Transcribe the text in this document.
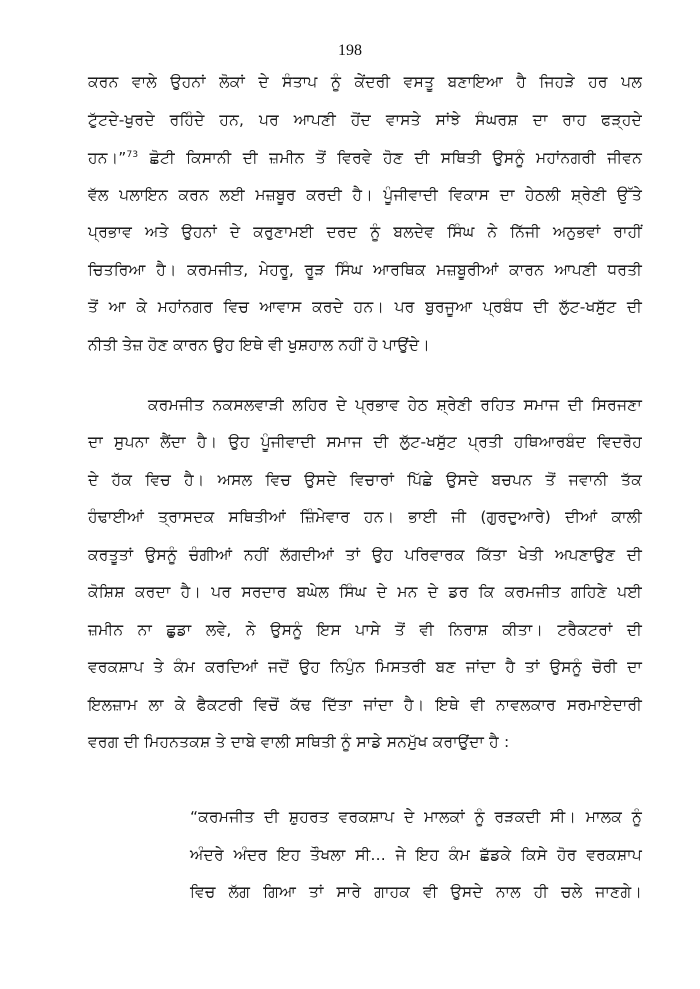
198
ਕਰਨ ਵਾਲੇ ਉਹਨਾਂ ਲੋਕਾਂ ਦੇ ਸੰਤਾਪ ਨੂੰ ਕੇਂਦਰੀ ਵਸਤੂ ਬਣਾਇਆ ਹੈ ਜਿਹੜੇ ਹਰ ਪਲ
ਟੁੱਟਦੇ-ਖੁਰਦੇ ਰਹਿੰਦੇ ਹਨ, ਪਰ ਆਪਣੀ ਹੋਂਦ ਵਾਸਤੇ ਸਾਂਝੇ ਸੰਘਰਸ਼ ਦਾ ਰਾਹ ਫੜ੍ਹਦੇ
ਹਨ।”$^{73}$ ਛੋਟੀ ਕਿਸਾਨੀ ਦੀ ਜ਼ਮੀਨ ਤੋਂ ਵਿਰਵੇ ਹੋਣ ਦੀ ਸਥਿਤੀ ਉਸਨੂੰ ਮਹਾਂਨਗਰੀ ਜੀਵਨ
ਵੱਲ ਪਲਾਇਨ ਕਰਨ ਲਈ ਮਜ਼ਬੂਰ ਕਰਦੀ ਹੈ। ਪੂੰਜੀਵਾਦੀ ਵਿਕਾਸ ਦਾ ਹੇਠਲੀ ਸ਼੍ਰੇਣੀ ਉੱਤੇ
ਪ੍ਰਭਾਵ ਅਤੇ ਉਹਨਾਂ ਦੇ ਕਰੁਣਾਮਈ ਦਰਦ ਨੂੰ ਬਲਦੇਵ ਸਿੰਘ ਨੇ ਨਿੱਜੀ ਅਨੁਭਵਾਂ ਰਾਹੀਂ
ਚਿਤਰਿਆ ਹੈ। ਕਰਮਜੀਤ, ਮੇਹਰੂ, ਰੂੜ ਸਿੰਘ ਆਰਥਿਕ ਮਜ਼ਬੂਰੀਆਂ ਕਾਰਨ ਆਪਣੀ ਧਰਤੀ
ਤੋਂ ਆ ਕੇ ਮਹਾਂਨਗਰ ਵਿਚ ਆਵਾਸ ਕਰਦੇ ਹਨ। ਪਰ ਬੁਰਜੂਆ ਪ੍ਰਬੰਧ ਦੀ ਲੁੱਟ-ਖਸੁੱਟ ਦੀ
ਨੀਤੀ ਤੇਜ਼ ਹੋਣ ਕਾਰਨ ਉਹ ਇਥੇ ਵੀ ਖੁਸ਼ਹਾਲ ਨਹੀਂ ਹੋ ਪਾਉਂਦੇ।
ਕਰਮਜੀਤ ਨਕਸਲਵਾੜੀ ਲਹਿਰ ਦੇ ਪ੍ਰਭਾਵ ਹੇਠ ਸ਼੍ਰੇਣੀ ਰਹਿਤ ਸਮਾਜ ਦੀ ਸਿਰਜਣਾ
ਦਾ ਸੁਪਨਾ ਲੈਂਦਾ ਹੈ। ਉਹ ਪੂੰਜੀਵਾਦੀ ਸਮਾਜ ਦੀ ਲੁੱਟ-ਖਸੁੱਟ ਪ੍ਰਤੀ ਹਥਿਆਰਬੰਦ ਵਿਦਰੋਹ
ਦੇ ਹੱਕ ਵਿਚ ਹੈ। ਅਸਲ ਵਿਚ ਉਸਦੇ ਵਿਚਾਰਾਂ ਪਿੱਛੇ ਉਸਦੇ ਬਚਪਨ ਤੋਂ ਜਵਾਨੀ ਤੱਕ
ਹੰਢਾਈਆਂ ਤ੍ਰਾਸਦਕ ਸਥਿਤੀਆਂ ਜ਼ਿੰਮੇਵਾਰ ਹਨ। ਭਾਈ ਜੀ (ਗੁਰਦੁਆਰੇ) ਦੀਆਂ ਕਾਲੀ
ਕਰਤੂਤਾਂ ਉਸਨੂੰ ਚੰਗੀਆਂ ਨਹੀਂ ਲੱਗਦੀਆਂ ਤਾਂ ਉਹ ਪਰਿਵਾਰਕ ਕਿੱਤਾ ਖੇਤੀ ਅਪਣਾਉਣ ਦੀ
ਕੋਸ਼ਿਸ਼ ਕਰਦਾ ਹੈ। ਪਰ ਸਰਦਾਰ ਬਘੇਲ ਸਿੰਘ ਦੇ ਮਨ ਦੇ ਡਰ ਕਿ ਕਰਮਜੀਤ ਗਹਿਣੇ ਪਈ
ਜ਼ਮੀਨ ਨਾ ਛੁਡਾ ਲਵੇ, ਨੇ ਉਸਨੂੰ ਇਸ ਪਾਸੇ ਤੋਂ ਵੀ ਨਿਰਾਸ਼ ਕੀਤਾ। ਟਰੈਕਟਰਾਂ ਦੀ
ਵਰਕਸ਼ਾਪ ਤੇ ਕੰਮ ਕਰਦਿਆਂ ਜਦੋਂ ਉਹ ਨਿਪੁੰਨ ਮਿਸਤਰੀ ਬਣ ਜਾਂਦਾ ਹੈ ਤਾਂ ਉਸਨੂੰ ਚੋਰੀ ਦਾ
ਇਲਜ਼ਾਮ ਲਾ ਕੇ ਫੈਕਟਰੀ ਵਿਚੋਂ ਕੱਢ ਦਿੱਤਾ ਜਾਂਦਾ ਹੈ। ਇਥੇ ਵੀ ਨਾਵਲਕਾਰ ਸਰਮਾਏਦਾਰੀ
ਵਰਗ ਦੀ ਮਿਹਨਤਕਸ਼ ਤੇ ਦਾਬੇ ਵਾਲੀ ਸਥਿਤੀ ਨੂੰ ਸਾਡੇ ਸਨਮੁੱਖ ਕਰਾਉਂਦਾ ਹੈ :
“ਕਰਮਜੀਤ ਦੀ ਸ਼ੁਹਰਤ ਵਰਕਸ਼ਾਪ ਦੇ ਮਾਲਕਾਂ ਨੂੰ ਰੜਕਦੀ ਸੀ। ਮਾਲਕ ਨੂੰ
ਅੰਦਰੇ ਅੰਦਰ ਇਹ ਤੌਖਲਾ ਸੀ... ਜੇ ਇਹ ਕੰਮ ਛੱਡਕੇ ਕਿਸੇ ਹੋਰ ਵਰਕਸ਼ਾਪ
ਵਿਚ ਲੱਗ ਗਿਆ ਤਾਂ ਸਾਰੇ ਗਾਹਕ ਵੀ ਉਸਦੇ ਨਾਲ ਹੀ ਚਲੇ ਜਾਣਗੇ।
